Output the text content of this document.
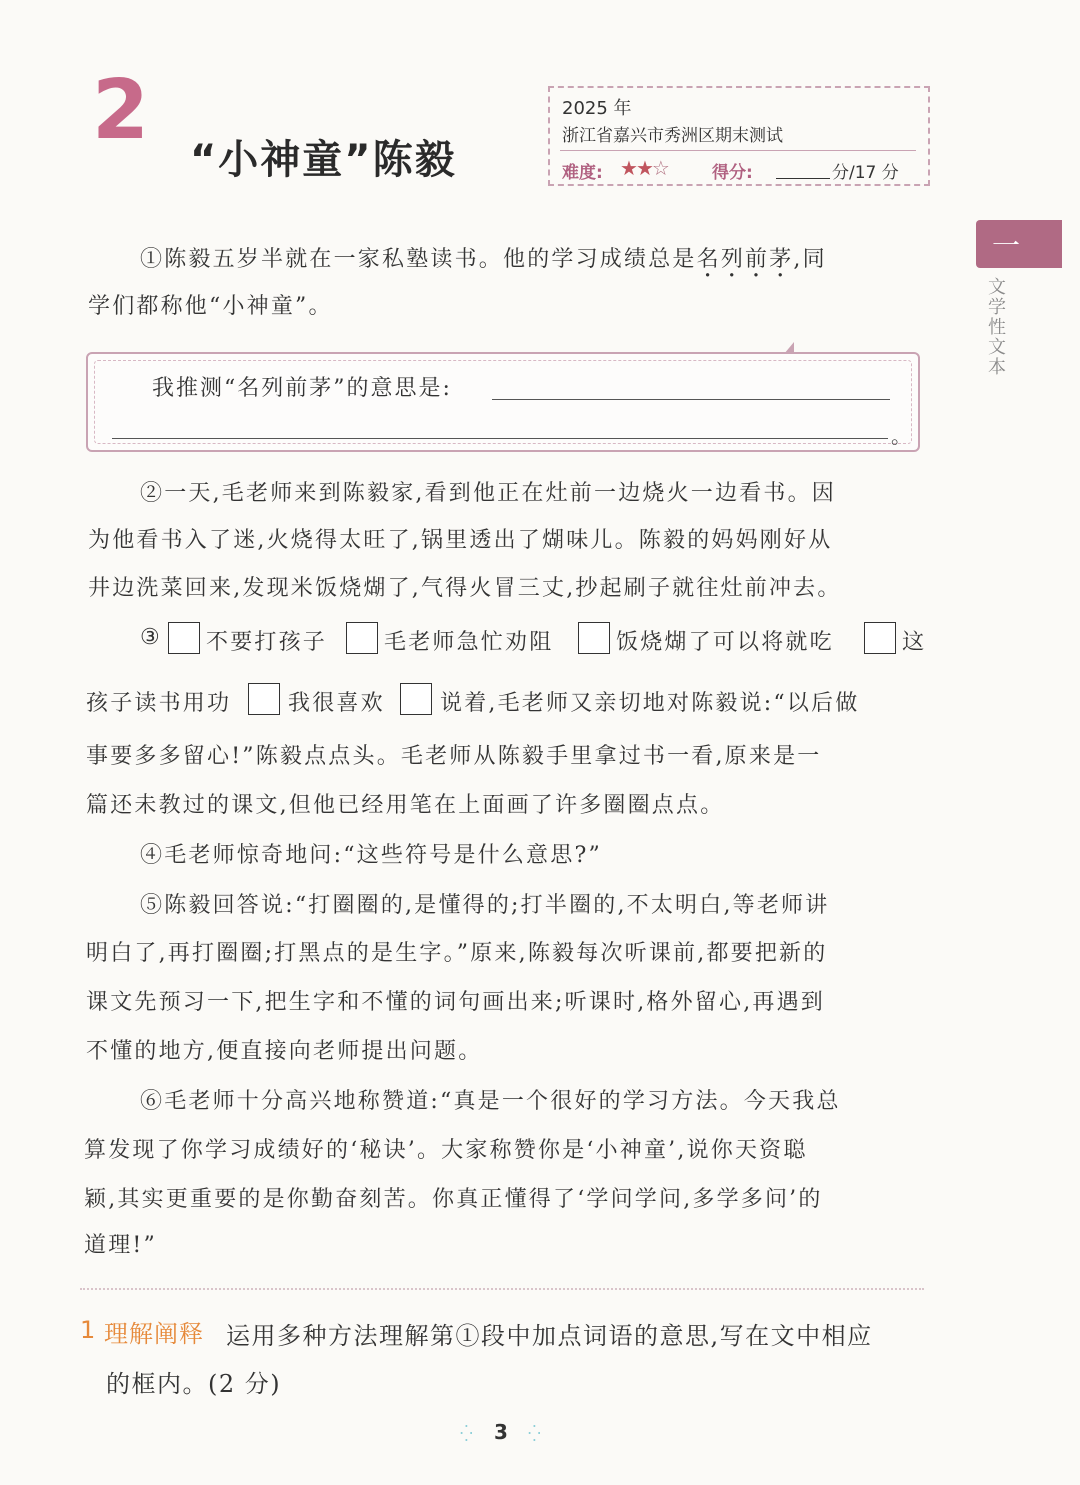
2
“小神童”陈毅
2025 年
浙江省嘉兴市秀洲区期末测试
难度: ★★☆	得分:	分/17 分
一
文学性文本
①陈毅五岁半就在一家私塾读书。他的学习成绩总是名列前茅,同
学们都称他“小神童”。
我推测“名列前茅”的意思是:
。
②一天,毛老师来到陈毅家,看到他正在灶前一边烧火一边看书。因
为他看书入了迷,火烧得太旺了,锅里透出了煳味儿。陈毅的妈妈刚好从
井边洗菜回来,发现米饭烧煳了,气得火冒三丈,抄起刷子就往灶前冲去。
③ 不要打孩子	毛老师急忙劝阻	饭烧煳了可以将就吃	这
孩子读书用功	我很喜欢	说着,毛老师又亲切地对陈毅说:“以后做
事要多多留心!”陈毅点点头。毛老师从陈毅手里拿过书一看,原来是一
篇还未教过的课文,但他已经用笔在上面画了许多圈圈点点。
④毛老师惊奇地问:“这些符号是什么意思?”
⑤陈毅回答说:“打圈圈的,是懂得的;打半圈的,不太明白,等老师讲
明白了,再打圈圈;打黑点的是生字。”原来,陈毅每次听课前,都要把新的
课文先预习一下,把生字和不懂的词句画出来;听课时,格外留心,再遇到
不懂的地方,便直接向老师提出问题。
⑥毛老师十分高兴地称赞道:“真是一个很好的学习方法。今天我总
算发现了你学习成绩好的‘秘诀’。大家称赞你是‘小神童’,说你天资聪
颖,其实更重要的是你勤奋刻苦。你真正懂得了‘学问学问,多学多问’的
道理!”
1 理解阐释 运用多种方法理解第①段中加点词语的意思,写在文中相应
的框内。(2 分)
⁛ 3 ⁛
